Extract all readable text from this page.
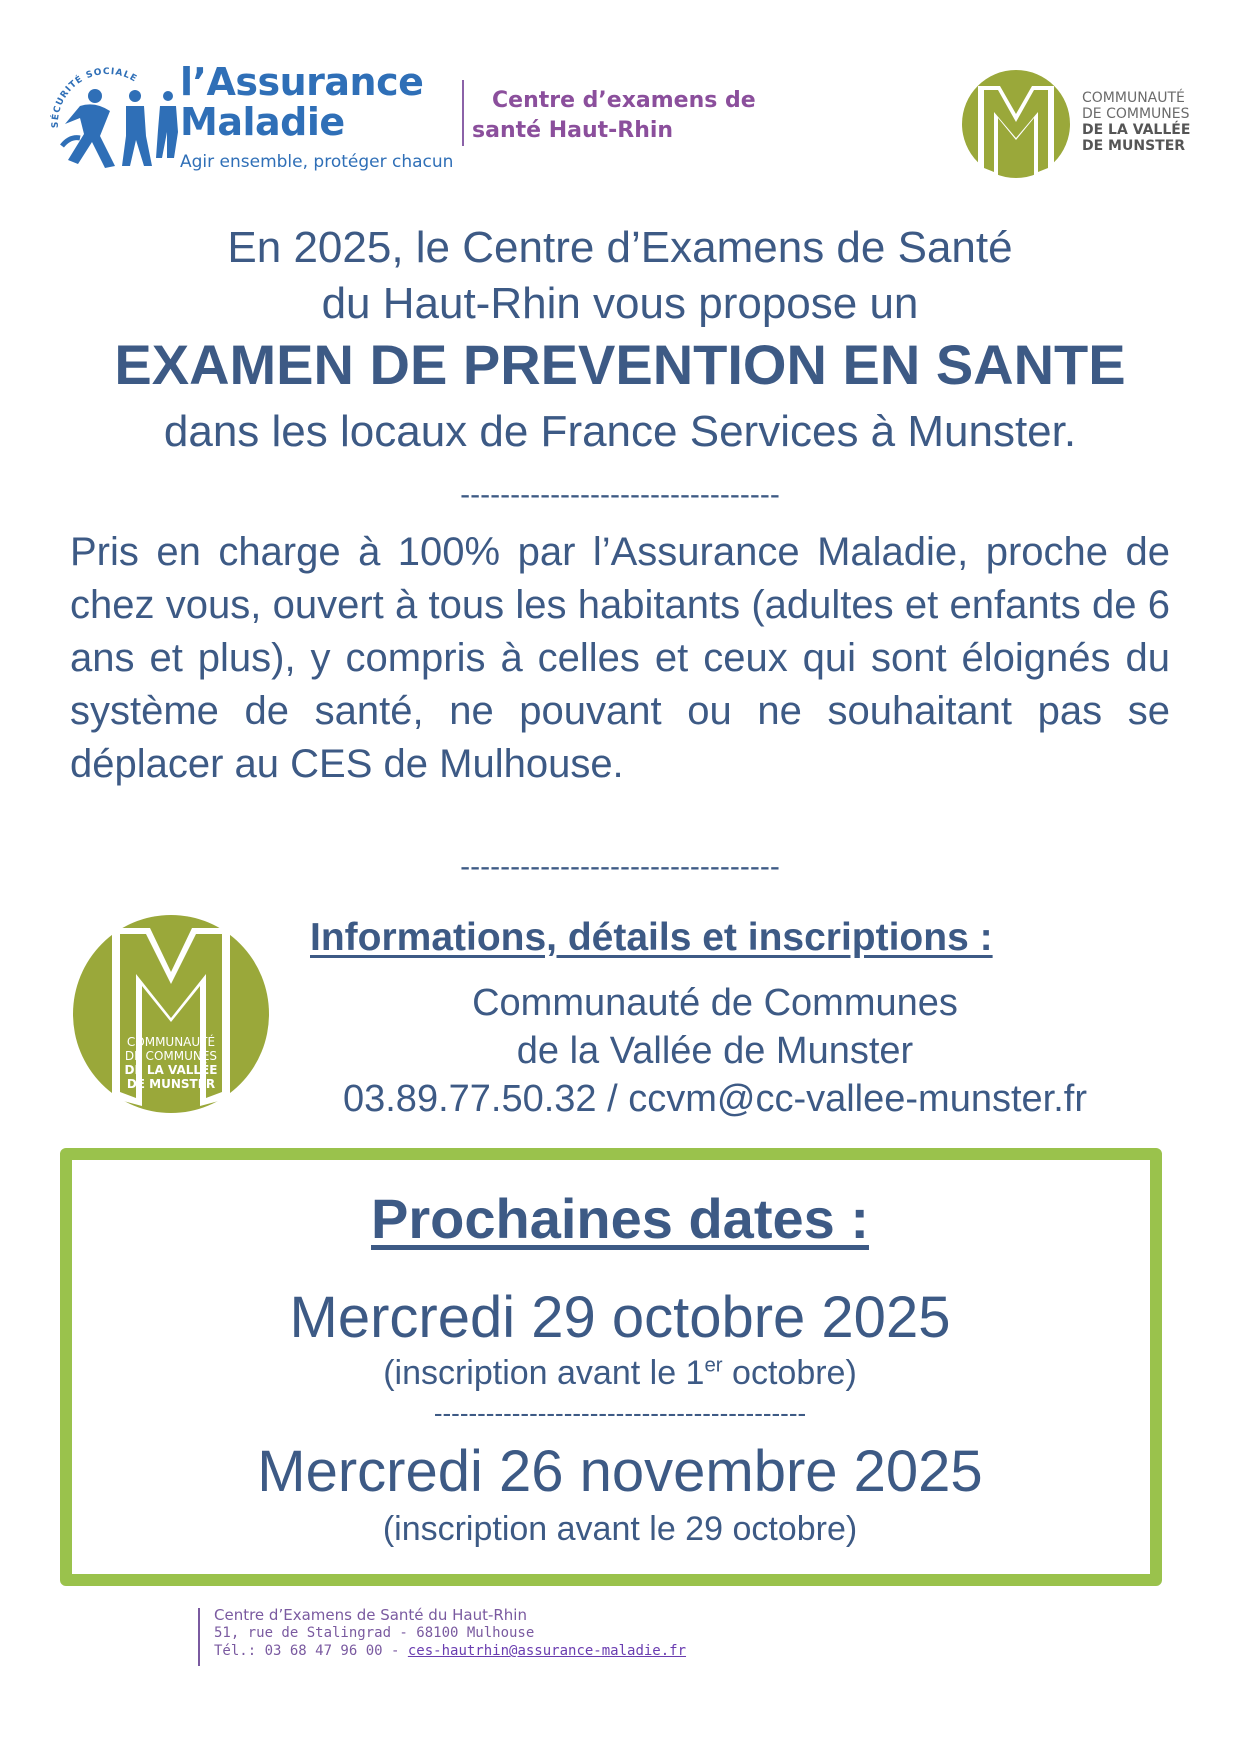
SÉCURITÉ SOCIALE l’Assurance
Maladie
Agir ensemble, protéger chacun
Centre d’examens de
santé Haut-Rhin
COMMUNAUTÉ
DE COMMUNES
DE LA VALLÉE
DE MUNSTER
En 2025, le Centre d’Examens de Santé
du Haut-Rhin vous propose un
EXAMEN DE PREVENTION EN SANTE
dans les locaux de France Services à Munster.
--------------------------------
Pris en charge à 100% par l’Assurance Maladie, proche de chez vous, ouvert à tous les habitants (adultes et enfants de 6 ans et plus), y compris à celles et ceux qui sont éloignés du système de santé, ne pouvant ou ne souhaitant pas se déplacer au CES de Mulhouse.
--------------------------------
COMMUNAUTÉ
DE COMMUNES
DE LA VALLÉE
DE MUNSTER
Informations, détails et inscriptions :
Communauté de Communes
de la Vallée de Munster
03.89.77.50.32 / ccvm@cc-vallee-munster.fr
Prochaines dates :
Mercredi 29 octobre 2025
(inscription avant le 1er octobre)
-------------------------------------------
Mercredi 26 novembre 2025
(inscription avant le 29 octobre)
Centre d’Examens de Santé du Haut-Rhin
51, rue de Stalingrad - 68100 Mulhouse
Tél.: 03 68 47 96 00 - ces-hautrhin@assurance-maladie.fr
